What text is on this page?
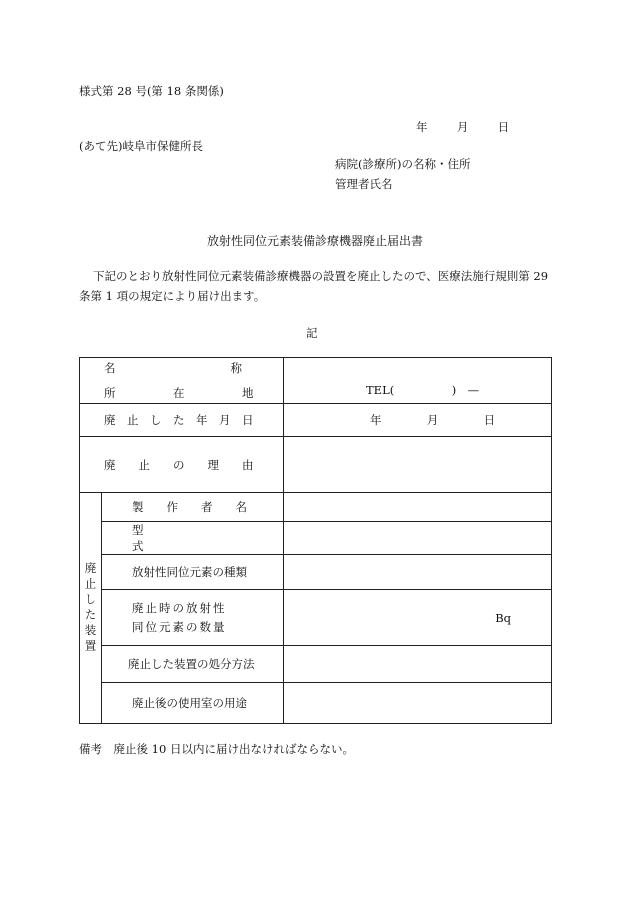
様式第 28 号(第 18 条関係)
年	月	日
(あて先)岐阜市保健所長
病院(診療所)の名称・住所
管理者氏名
放射性同位元素装備診療機器廃止届出書
下記のとおり放射性同位元素装備診療機器の設置を廃止したので、医療法施行規則第 29
条第 1 項の規定により届け出ます。
記
名　　　　　　　　　　称
所　　　　　在　　　　　地		TEL(　　　　　)　—
廃　止　し　た　年　月　日		年 月 日
廃　　止　　の　　理　　由		

廃止した装置	製　　作　　者　　名	
	型　　　　　　　　　式	
	放射性同位元素の種類	

廃止時の放射性
同位元素の数量	Bq
	廃止した装置の処分方法	
	廃止後の使用室の用途	
備考　廃止後 10 日以内に届け出なければならない。
